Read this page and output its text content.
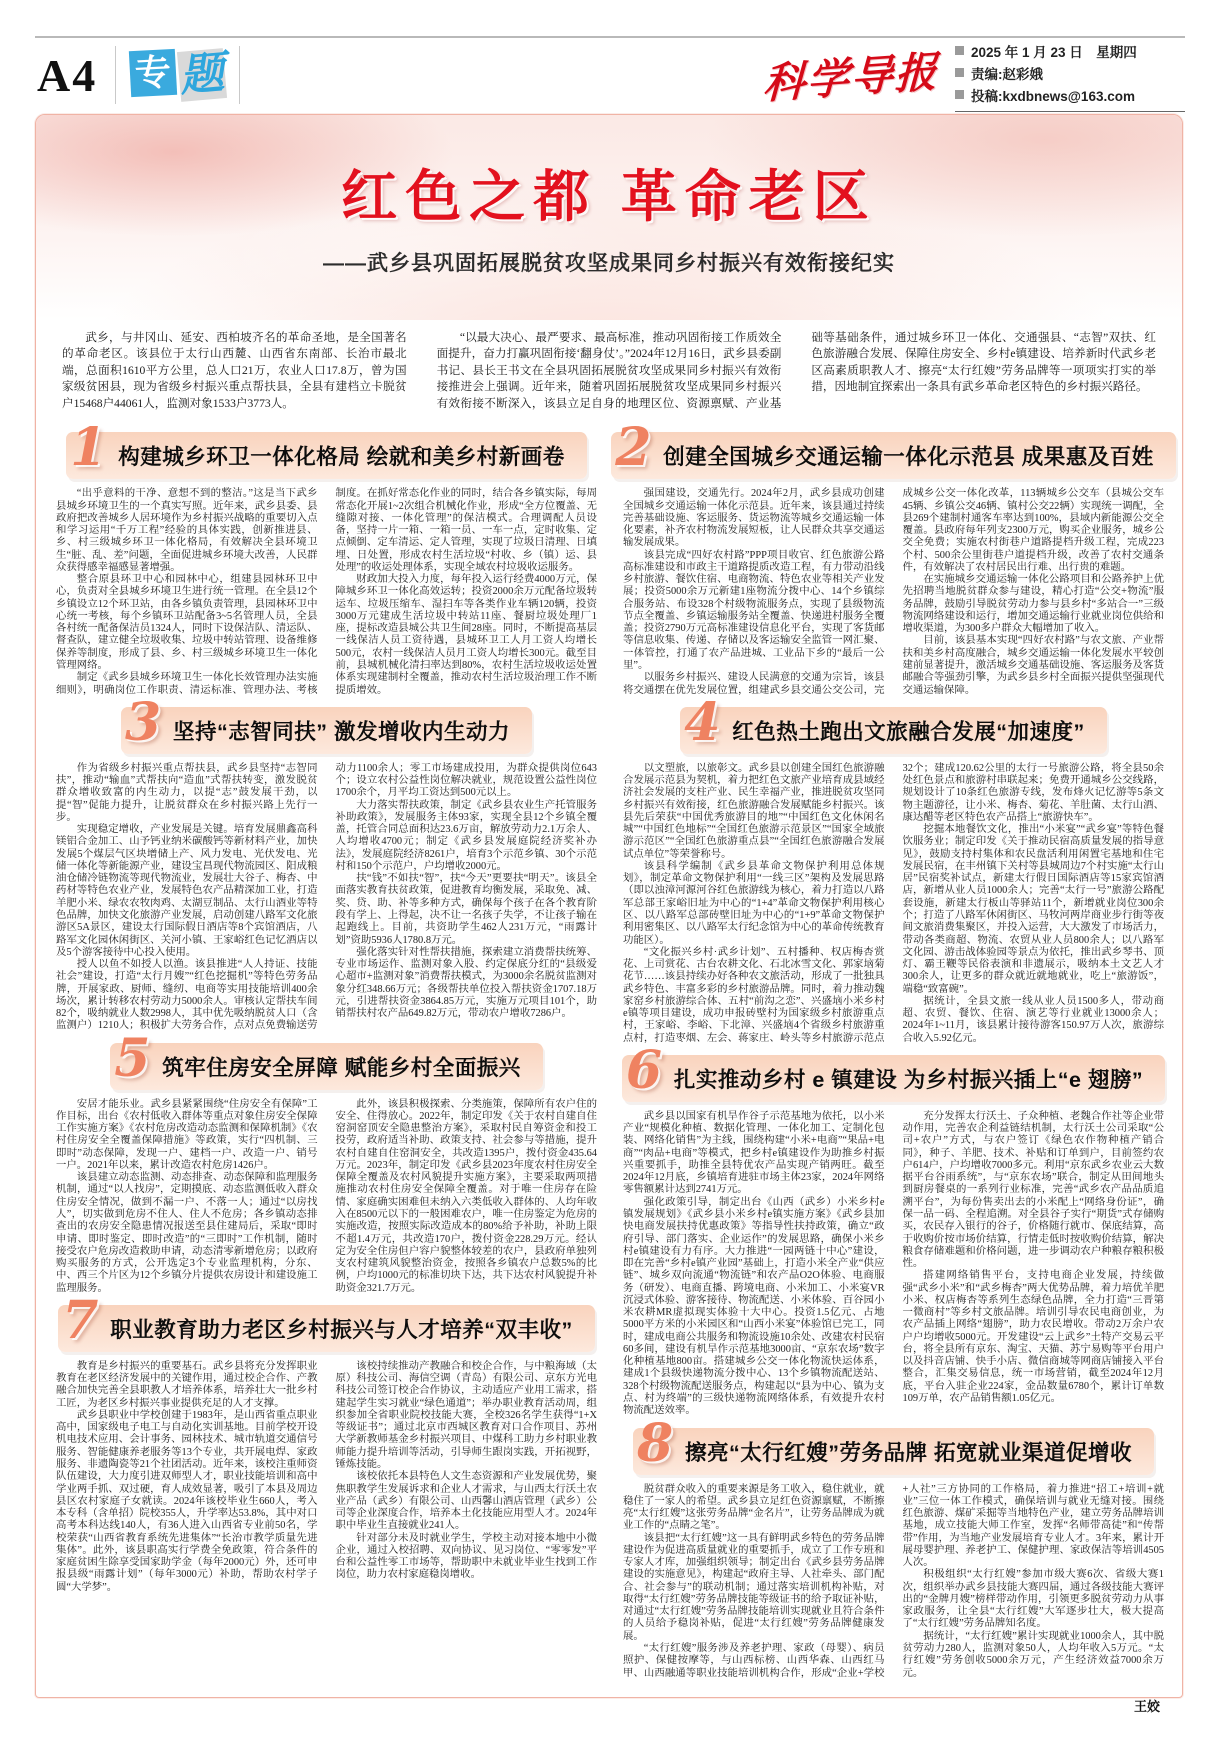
A4	专 题	科学导报 2025 年 1 月 23 日　星期四
责编:赵彩娥
投稿:kxdbnews@163.com
红色之都 革命老区
——武乡县巩固拓展脱贫攻坚成果同乡村振兴有效衔接纪实

武乡，与井冈山、延安、西柏坡齐名的革命圣地，是全国著名的革命老区。该县位于太行山西麓、山西省东南部、长治市最北端，总面积1610平方公里，总人口21万，农业人口17.8万，曾为国家级贫困县，现为省级乡村振兴重点帮扶县，全县有建档立卡脱贫户15468户44061人，监测对象1533户3773人。

“以最大决心、最严要求、最高标准，推动巩固衔接工作质效全面提升，奋力打赢巩固衔接‘翻身仗’。”2024年12月16日，武乡县委副书记、县长王书文在全县巩固拓展脱贫攻坚成果同乡村振兴有效衔接推进会上强调。近年来，随着巩固拓展脱贫攻坚成果同乡村振兴有效衔接不断深入，该县立足自身的地理区位、资源禀赋、产业基础等基础条件，通过城乡环卫一体化、交通强县、“志智”双扶、红色旅游融合发展、保障住房安全、乡村e镇建设、培养新时代武乡老区高素质职教人才、擦亮“太行红嫂”劳务品牌等一项项实打实的举措，因地制宜探索出一条具有武乡革命老区特色的乡村振兴路径。

1 构建城乡环卫一体化格局 绘就和美乡村新画卷

“出乎意料的干净、意想不到的整洁。”这是当下武乡县城乡环境卫生的一个真实写照。近年来，武乡县委、县政府把改善城乡人居环境作为乡村振兴战略的重要切入点和学习运用“千万工程”经验的具体实践，创新推进县、乡、村三级城乡环卫一体化格局，有效解决全县环境卫生“脏、乱、差”问题，全面促进城乡环境大改善，人民群众获得感幸福感显著增强。

整合原县环卫中心和园林中心，组建县园林环卫中心，负责对全县城乡环境卫生进行统一管理。在全县12个乡镇设立12个环卫站，由各乡镇负责管理，县园林环卫中心统一考核，每个乡镇环卫站配备3~5名管理人员，全县各村统一配备保洁员1324人，同时下设保洁队、清运队、督查队，建立健全垃圾收集、垃圾中转站管理、设备维修保养等制度，形成了县、乡、村三级城乡环境卫生一体化管理网络。

制定《武乡县城乡环境卫生一体化长效管理办法实施细则》，明确岗位工作职责、清运标准、管理办法、考核制度。在抓好常态化作业的同时，结合各乡镇实际，每周常态化开展1~2次组合机械化作业，形成“全方位覆盖、无缝隙对接、一体化管理”的保洁模式。合理调配人员设备，坚持一片一箱、一箱一员、一车一点，定时收集、定点倾倒、定车清运、定人管理，实现了垃圾日清理、日填埋、日处置，形成农村生活垃圾“村收、乡（镇）运、县处理”的收运处理体系，实现全域农村垃圾收运服务。

财政加大投入力度，每年投入运行经费4000万元，保障城乡环卫一体化高效运转；投资2000余万元配备垃圾转运车、垃圾压缩车、湿扫车等各类作业车辆120辆，投资3000万元建成生活垃圾中转站11座、餐厨垃圾处理厂1座，提标改造县城公共卫生间28座。同时，不断提高基层一线保洁人员工资待遇，县城环卫工人月工资人均增长500元，农村一线保洁人员月工资人均增长300元。截至目前，县城机械化清扫率达到80%，农村生活垃圾收运处置体系实现建制村全覆盖，推动农村生活垃圾治理工作不断提质增效。

3 坚持“志智同扶” 激发增收内生动力

作为省级乡村振兴重点帮扶县，武乡县坚持“志智同扶”，推动“输血”式帮扶向“造血”式帮扶转变，激发脱贫群众增收致富的内生动力，以提“志”鼓发展干劲，以提“智”促能力提升，让脱贫群众在乡村振兴路上先行一步。

实现稳定增收，产业发展是关键。培育发展鼎鑫高科镁铝合金加工、山予钙业纳米碳酸钙等新材料产业，加快发展5个煤层气区块增储上产、风力发电、光伏发电、光储一体化等新能源产业，建设宝昌现代物流园区、阳成粮油仓储冷链物流等现代物流业，发展壮大谷子、梅杏、中药材等特色农业产业，发展特色农产品精深加工业，打造羊肥小米、绿农农牧肉鸡、太湖豆制品、太行山酒业等特色品牌，加快文化旅游产业发展，启动创建八路军文化旅游区5A景区，建设太行国际假日酒店等8个宾馆酒店，八路军文化园休闲街区、关河小镇、王家峪红色记忆酒店以及5个游客接待中心投入使用。

授人以鱼不如授人以渔。该县推进“人人持证、技能社会”建设，打造“太行月嫂”“红色挖掘机”等特色劳务品牌，开展家政、厨师、缝纫、电商等实用技能培训400余场次，累计转移农村劳动力5000余人。审核认定帮扶车间82个，吸纳就业人数2998人，其中优先吸纳脱贫人口（含监测户）1210人；积极扩大劳务合作，点对点免费输送劳动力1100余人；零工市场建成投用，为群众提供岗位643个；设立农村公益性岗位解决就业，规范设置公益性岗位1700余个，月平均工资达到500元以上。

大力落实帮扶政策，制定《武乡县农业生产托管服务补助政策》，发展服务主体93家，实现全县12个乡镇全覆盖，托管合同总面积达23.6万亩，解放劳动力2.1万余人、人均增收4700元；制定《武乡县发展庭院经济奖补办法》，发展庭院经济8261户，培育3个示范乡镇、30个示范村和150个示范户，户均增收2000元。

扶“钱”不如扶“智”，扶“今天”更要扶“明天”。该县全面落实教育扶贫政策，促进教育均衡发展，采取免、减、奖、贷、助、补等多种方式，确保每个孩子在各个教育阶段有学上、上得起，决不让一名孩子失学，不让孩子输在起跑线上。目前，共资助学生462人231万元，“雨露计划”资助5936人1780.8万元。

强化落实针对性帮扶措施，探索建立消费帮扶统筹、专业市场运作、监测对象入股、约定保底分红的“县级爱心超市+监测对象”消费帮扶模式，为3000余名脱贫监测对象分红348.66万元；各级帮扶单位投入帮扶资金1707.18万元，引进帮扶资金3864.85万元，实施万元项目101个，助销帮扶村农产品649.82万元，带动农户增收7286户。

5 筑牢住房安全屏障 赋能乡村全面振兴

安居才能乐业。武乡县紧紧围绕“住房安全有保障”工作目标，出台《农村低收入群体等重点对象住房安全保障工作实施方案》《农村危房改造动态监测和保障机制》《农村住房安全全覆盖保障措施》等政策，实行“四机制、三即时”动态保障，发现一户、建档一户、改造一户、销号一户。2021年以来，累计改造农村危房1426户。

该县建立动态监测、动态排查、动态保障和监理服务机制，通过“以人找房”，定期摸底、动态监测低收入群众住房安全情况，做到不漏一户、不落一人；通过“以房找人”，切实做到危房不住人、住人不危房；各乡镇动态排查出的农房安全隐患情况报送至县住建局后，采取“即时申请、即时鉴定、即时改造”的“三即时”工作机制，随时接受农户危房改造救助申请，动态清零新增危房；以政府购买服务的方式，公开选定3个专业监理机构，分东、中、西三个片区为12个乡镇分片提供农房设计和建设施工监理服务。

此外，该县积极探索、分类施策，保障所有农户住的安全、住得放心。2022年，制定印发《关于农村自建自住窑洞窑顶安全隐患整治方案》，采取村民自筹资金和投工投劳，政府适当补助、政策支持、社会参与等措施，提升农村自建自住窑洞安全，共改造1395户，拨付资金435.64万元。2023年，制定印发《武乡县2023年度农村住房安全保障全覆盖及农村风貌提升实施方案》，主要采取两项措施推动农村住房安全保障全覆盖。对于唯一住房存在险情、家庭确实困难但未纳入六类低收入群体的、人均年收入在8500元以下的一般困难农户，唯一住房鉴定为危房的实施改造，按照实际改造成本的80%给予补助，补助上限不超1.4万元，共改造170户，拨付资金228.29万元。经认定为安全住房但户容户貌整体较差的农户，县政府单独列支农村建筑风貌整治资金，按照各乡镇农户总数5%的比例，户均1000元的标准切块下达，共下达农村风貌提升补助资金321.7万元。

7 职业教育助力老区乡村振兴与人才培养“双丰收”

教育是乡村振兴的重要基石。武乡县将充分发挥职业教育在老区经济发展中的关键作用，通过校企合作、产教融合加快完善全县职教人才培养体系，培养壮大一批乡村工匠，为老区乡村振兴事业提供充足的人才支撑。

武乡县职业中学校创建于1983年，是山西省重点职业高中，国家级电子电工与自动化实训基地。目前学校开设机电技术应用、会计事务、园林技术、城市轨道交通信号服务、智能健康养老服务等13个专业，共开展电焊、家政服务、非遗陶瓷等21个社团活动。近年来，该校注重师资队伍建设，大力度引进双师型人才，职业技能培训和高中学业两手抓、双过硬，育人成效显著，吸引了本县及周边县区农村家庭子女就读。2024年该校毕业生660人，考入本专科（含单招）院校355人，升学率达53.8%，其中对口高考本科达线140人，有36人进入山西省专业前50名，学校荣获“山西省教育系统先进集体”“长治市教学质量先进集体”。此外，该县职高实行学费全免政策，符合条件的家庭贫困生除享受国家助学金（每年2000元）外，还可申报县级“雨露计划”（每年3000元）补助，帮助农村学子圆“大学梦”。

该校持续推动产教融合和校企合作，与中粮海域（太原）科技公司、海信空调（青岛）有限公司、京东方光电科技公司签订校企合作协议，主动适应产业用工需求，搭建起学生实习就业“绿色通道”；举办职业教育活动周，组织参加全省职业院校技能大赛，全校326名学生获得“1+X等级证书”；通过北京市西城区教育对口合作项目、苏州大学新教师基金乡村振兴项目、中煤科工助力乡村职业教师能力提升培训等活动，引导师生跟岗实践，开拓视野，锤炼技能。

该校依托本县特色人文生态资源和产业发展优势，聚焦职教学生发展诉求和企业人才需求，与山西太行沃土农业产品（武乡）有限公司、山西馨山酒店管理（武乡）公司等企业深度合作，培养本土化技能应用型人才。2024年职中毕业生直接就业241人。

针对部分未及时就业学生，学校主动对接本地中小微企业，通过入校招聘、双向协议、见习岗位、“零零发”平台和公益性零工市场等，帮助职中未就业毕业生找到工作岗位，助力农村家庭稳岗增收。

2 创建全国城乡交通运输一体化示范县 成果惠及百姓

强国建设，交通先行。2024年2月，武乡县成功创建全国城乡交通运输一体化示范县。近年来，该县通过持续完善基础设施、客运服务、货运物流等城乡交通运输一体化要素，补齐农村物流发展短板，让人民群众共享交通运输发展成果。

该县完成“四好农村路”PPP项目收官、红色旅游公路高标准建设和市政主干道路提质改造工程，有力带动沿线乡村旅游、餐饮住宿、电商物流、特色农业等相关产业发展；投资5000余万元新建1座物流分拨中心、14个乡镇综合服务站、布设328个村级物流服务点，实现了县级物流节点全覆盖、乡镇运输服务站全覆盖、快递进村服务全覆盖；投资2790万元高标准建设信息化平台，实现了客货邮等信息收集、传递、存储以及客运输安全监管一网汇聚、一体管控，打通了农产品进城、工业品下乡的“最后一公里”。

以服务乡村振兴、建设人民满意的交通为宗旨，该县将交通摆在优先发展位置，组建武乡县交通公交公司，完成城乡公交一体化改革，113辆城乡公交车（县城公交车45辆、乡镇公交46辆、镇村公交22辆）实现统一调配，全县269个建制村通客车率达到100%，县域内新能源公交全覆盖。县政府每年列支2300万元，购买企业服务，城乡公交全免费；实施农村街巷户道路提档升级工程，完成223个村、500余公里街巷户道提档升级，改善了农村交通条件，有效解决了农村居民出行难、出行贵的难题。

在实施城乡交通运输一体化公路项目和公路养护上优先招聘当地脱贫群众参与建设，精心打造“公交+物流”服务品牌，鼓励引导脱贫劳动力参与县乡村“多站合一”三级物流网络建设和运行，增加交通运输行业就业岗位供给和增收渠道，为300多户群众大幅增加了收入。

目前，该县基本实现“四好农村路”与农文旅、产业帮扶和美乡村高度融合，城乡交通运输一体化发展水平较创建前显著提升，激活城乡交通基础设施、客运服务及客货邮融合等强劲引擎，为武乡县乡村全面振兴提供坚强现代交通运输保障。

4 红色热土跑出文旅融合发展“加速度”

以文塑旅，以旅彰文。武乡县以创建全国红色旅游融合发展示范县为契机，着力把红色文旅产业培育成县域经济社会发展的支柱产业、民生幸福产业，推进脱贫攻坚同乡村振兴有效衔接，红色旅游融合发展赋能乡村振兴。该县先后荣获“中国优秀旅游目的地”“中国红色文化休闲名城”“中国红色地标”“全国红色旅游示范景区”“国家全域旅游示范区”“全国红色旅游重点县”“全国红色旅游融合发展试点单位”等荣誉称号。

该县科学编制《武乡县革命文物保护利用总体规划》，制定革命文物保护利用“一线三区”架构及发展思路（即以浊漳河源河谷红色旅游线为核心，着力打造以八路军总部王家峪旧址为中心的“1+4”革命文物保护利用核心区、以八路军总部砖壁旧址为中心的“1+9”革命文物保护利用密集区、以八路军太行纪念馆为中心的革命传统教育功能区）。

“文化振兴乡村·武乡计划”、五村播种、权店梅杏赏花、上司赏花、古台农耕文化、石北冰雪文化、郭家垴菊花节……该县持续办好各种农文旅活动，形成了一批独具武乡特色、丰富多彩的乡村旅游品牌。同时，着力推动魏家窑乡村旅游综合体、五村“前沟之恋”、兴盛垴小米乡村e镇等项目建设，成功申报砖壁村为国家级乡村旅游重点村，王家峪、李峪、下北漳、兴盛垴4个省级乡村旅游重点村，打造枣烟、左会、蒋家庄、岭头等乡村旅游示范点32个；建成120.62公里的太行一号旅游公路，将全县50余处红色景点和旅游村串联起来；免费开通城乡公交线路，规划设计了10条红色旅游专线，发布烽火记忆游等5条文物主题游径，让小米、梅杏、菊花、羊肚菌、太行山酒、康达醋等老区特色农产品搭上“旅游快车”。

挖掘本地餐饮文化，推出“小米宴”“武乡宴”等特色餐饮服务业；制定印发《关于推动民宿高质量发展的指导意见》，鼓励支持村集体和农民盘活利用闲置宅基地和住宅发展民宿，在丰州镇下关村等县城周边7个村实施“太行山居”民宿奖补试点，新建太行假日国际酒店等15家宾馆酒店，新增从业人员1000余人；完善“太行一号”旅游公路配套设施，新建太行板山等驿站11个，新增就业岗位300余个；打造了八路军休闲街区、马牧河两岸商业步行街等夜间文旅消费集聚区，并投入运营，大大激发了市场活力，带动各类商超、物流、农贸从业人员800余人；以八路军文化园、游击战体验园等景点为依托，推出武乡琴书、顶灯、霸王鞭等民俗表演和非遗展示，吸纳本土文艺人才300余人，让更多的群众就近就地就业，吃上“旅游饭”，端稳“致富碗”。

据统计，全县文旅一线从业人员1500多人，带动商超、农贸、餐饮、住宿、演艺等行业就业13000余人；2024年1~11月，该县累计接待游客150.97万人次，旅游综合收入5.92亿元。

6 扎实推动乡村 e 镇建设 为乡村振兴插上“e 翅膀”

武乡县以国家有机旱作谷子示范基地为依托，以小米产业“规模化种植、数据化管理、一体化加工、定制化包装、网络化销售”为主线，围绕构建“小米+电商”“果品+电商”“肉品+电商”等模式，把乡村e镇建设作为助推乡村振兴重要抓手，助推全县特优农产品实现产销两旺。截至2024年12月底，乡镇培育进驻市场主体23家，2024年网络零售额累计达到2741万元。

强化政策引导，制定出台《山西（武乡）小米乡村e镇发展规划》《武乡县小米乡村e镇实施方案》《武乡县加快电商发展扶持优惠政策》等指导性扶持政策，确立“政府引导、部门落实、企业运作”的发展思路，确保小米乡村e镇建设有力有序。大力推进“一园两链十中心”建设，即在完善“乡村e镇产业园”基础上，打造小米全产业“供应链”、城乡双向流通“物流链”和农产品O2O体验、电商服务（研发）、电商直播、跨境电商、小米加工、小米宴VR沉浸式体验、游客接待、物流配送、小米体验、百谷园小米农耕MR虚拟现实体验十大中心。投资1.5亿元、占地5000平方米的小米园区和“山西小米宴”体验馆已完工，同时，建成电商公共服务和物流设施10余处、改建农村民宿60多间，建设有机旱作示范基地3000亩、“京东农场”数字化种植基地800亩。搭建城乡公交一体化物流快运体系，建成1个县级快递物流分拨中心、13个乡镇物流配送站、328个村级物流配送服务点，构建起以“县为中心、镇为支点、村为终端”的三级快递物流网络体系，有效提升农村物流配送效率。

充分发挥太行沃土、子众种植、老魏合作社等企业带动作用，完善农企利益链结机制，太行沃土公司采取“公司+农户”方式，与农户签订《绿色农作物种植产销合同》，种子、羊肥、技术、补贴和订单到户，目前签约农户614户，户均增收7000多元。利用“京东武乡农业云大数据平台谷雨系统”，与“京东农场”联合，制定从田间地头到厨房餐桌的一系列行业标准，完善“武乡农产品品质追溯平台”，为每份售卖出去的小米配上“网络身份证”，确保一品一码、全程追溯。对全县谷子实行“期货”式存储购买，农民存入银行的谷子，价格随行就市、保底结算，高于收购价按市场价结算，行情走低时按收购价结算，解决粮食存储难题和价格问题，进一步调动农户种粮存粮积极性。

搭建网络销售平台，支持电商企业发展，持续做强“武乡小米”和“武乡梅杏”两大优势品牌，着力培优羊肥小米、权店梅杏等系列生态绿色品牌，全力打造“三晋第一微商村”等乡村文旅品牌。培训引导农民电商创业，为农产品插上网络“翅膀”，助力农民增收。带动2万余户农户户均增收5000元。开发建设“云上武乡”土特产交易云平台，将全县所有京东、淘宝、天猫、苏宁易购等平台用户以及抖音店铺、快手小店、微信商城等网商店铺接入平台整合，汇集交易信息，统一市场营销，截至2024年12月底，平台入驻企业224家，金品数量6780个，累计订单数109万单，农产品销售额1.05亿元。

8 擦亮“太行红嫂”劳务品牌 拓宽就业渠道促增收

脱贫群众收入的重要来源是务工收入，稳住就业，就稳住了一家人的希望。武乡县立足红色资源禀赋，不断擦亮“太行红嫂”这张劳务品牌“金名片”，让劳务品牌成为就业工作的“点睛之笔”。

该县把“太行红嫂”这一具有鲜明武乡特色的劳务品牌建设作为促进高质量就业的重要抓手，成立了工作专班和专家人才库，加强组织领导；制定出台《武乡县劳务品牌建设的实施意见》，构建起“政府主导、人社牵头、部门配合、社会参与”的联动机制；通过落实培训机构补贴，对取得“太行红嫂”劳务品牌技能等级证书的给予取证补贴，对通过“太行红嫂”劳务品牌技能培训实现就业且符合条件的人员给予稳岗补贴，促进“太行红嫂”劳务品牌健康发展。

“太行红嫂”服务涉及养老护理、家政（母婴）、病员照护、保健按摩等，与山西标榜、山西华森、山西红马甲、山西融通等职业技能培训机构合作，形成“企业+学校+人社”三方协同的工作格局，着力推进“招工+培训+就业”三位一体工作模式，确保培训与就业无缝对接。围绕红色旅游、煤矿采掘等当地特色产业，建立劳务品牌培训基地，成立技能大师工作室，发挥“名师带高徒”和“传帮带”作用，为当地产业发展培育专业人才。3年来，累计开展母婴护理、养老护工、保健护理、家政保洁等培训4505人次。

积极组织“太行红嫂”参加市级大赛6次、省级大赛1次，组织举办武乡县技能大赛四届，通过各级技能大赛评出的“金牌月嫂”榜样带动作用，引领更多脱贫劳动力从事家政服务，让全县“太行红嫂”大军逐步壮大，极大提高了“太行红嫂”劳务品牌知名度。

据统计，“太行红嫂”累计实现就业1000余人，其中脱贫劳动力280人，监测对象50人，人均年收入5万元。“太行红嫂”劳务创收5000余万元，产生经济效益7000余万元。

王姣
